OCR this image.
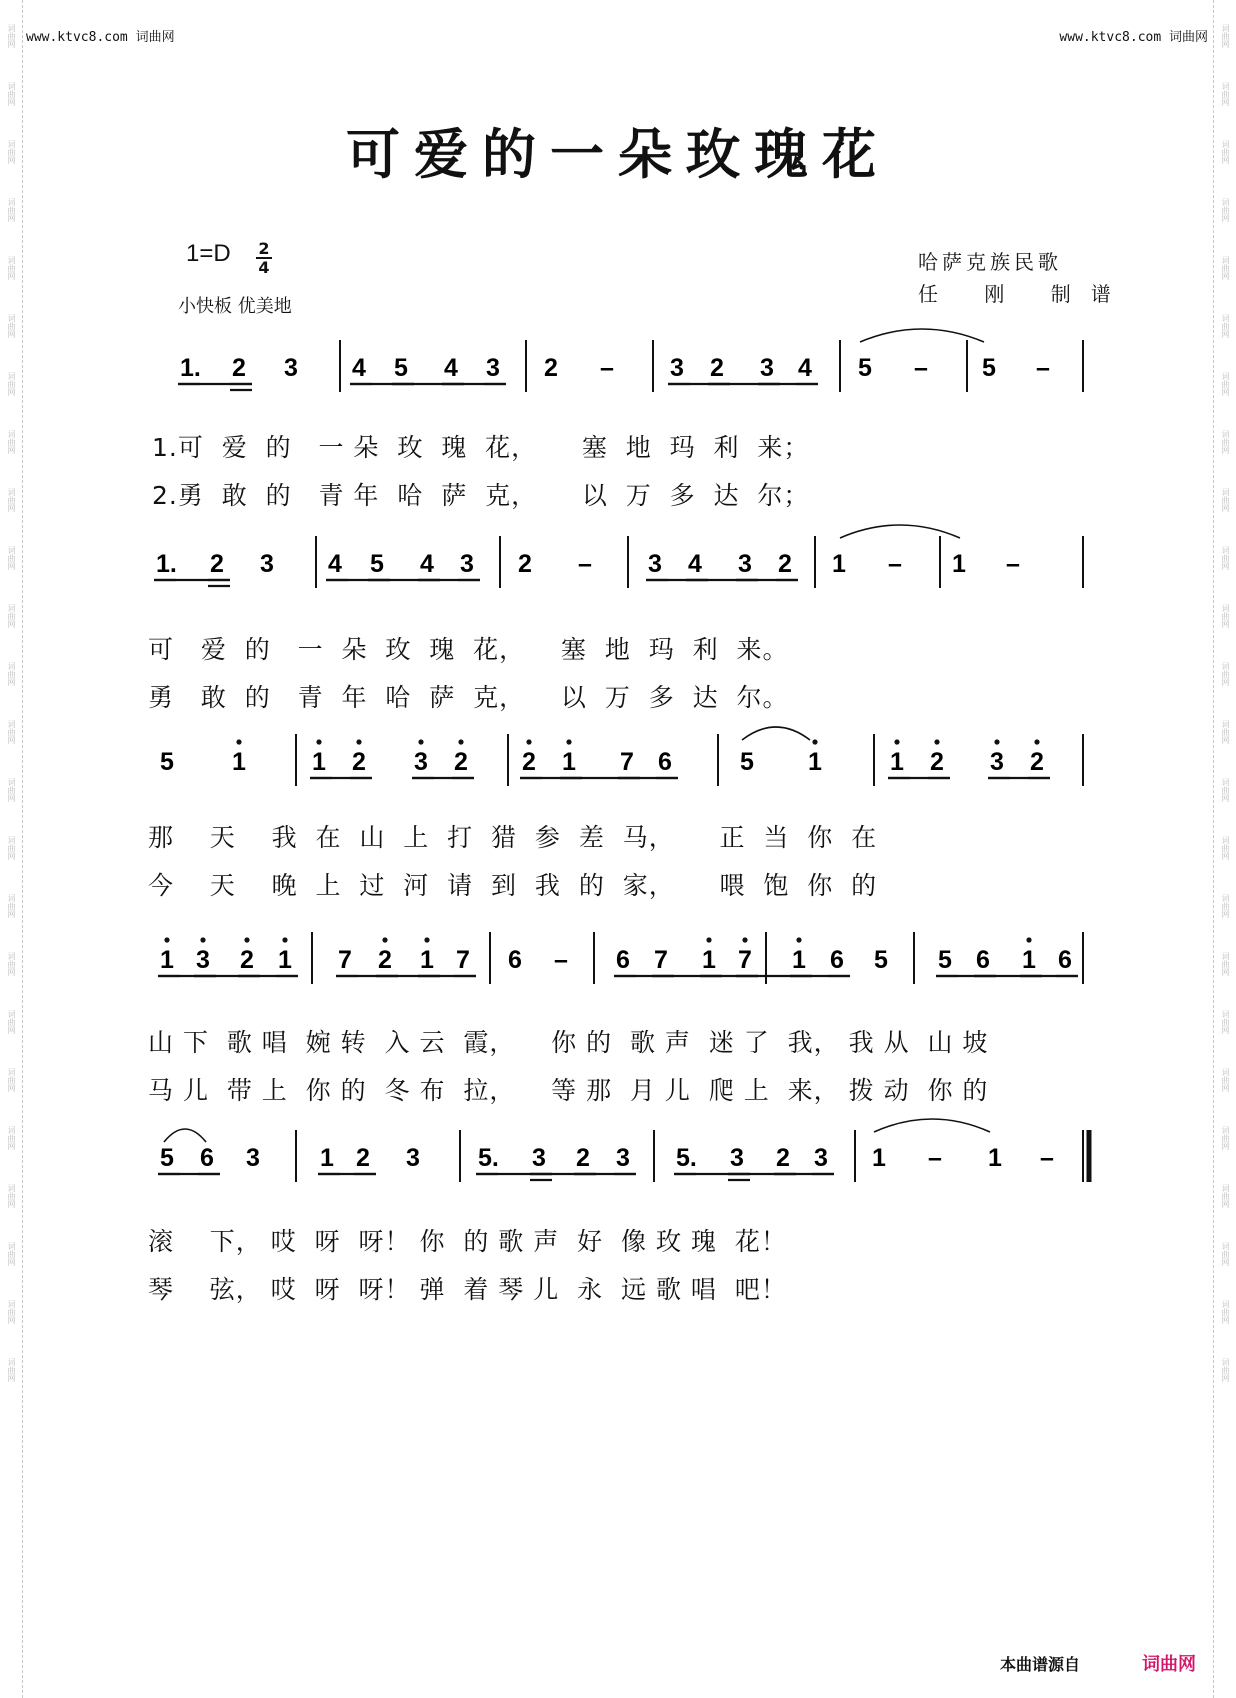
词曲网
词曲网
词曲网
词曲网
词曲网
词曲网
词曲网
词曲网
词曲网
词曲网
词曲网
词曲网
词曲网
词曲网
词曲网
词曲网
词曲网
词曲网
词曲网
词曲网
词曲网
词曲网
词曲网
词曲网
词曲网
词曲网
词曲网
词曲网
词曲网
词曲网
词曲网
词曲网
词曲网
词曲网
词曲网
词曲网
词曲网
词曲网
词曲网
词曲网
词曲网
词曲网
词曲网
词曲网
词曲网
词曲网
词曲网
词曲网
www.ktvc8.com 词曲网	www.ktvc8.com 词曲网
可爱的一朵玫瑰花
$1=D \frac{2}{4}$
小快板 优美地
哈萨克族民歌
任 刚 制谱
1. 2 3 4 5 4 3 2 – 3 2 3 4 5 – 5 –
1. 2 3 4 5 4 3 2 – 3 4 3 2 1 – 1 –
5 1	1 2 3 2 2 1 7 6	5 1	1 2 3 2
1 3 2 1 7 2 1 7 6 – 6 7 1 7 1 6 5 5 6 1 6
5 6 3 1 2 3 5. 3 2 3 5. 3 2 3 1 – 1 –
1.可  爱  的   一 朵  玫  瑰  花，     塞  地  玛  利  来；
2.勇  敢  的   青 年  哈  萨  克，     以  万  多  达  尔；
可   爱  的   一  朵  玫  瑰  花，    塞  地  玛  利  来。
勇   敢  的   青  年  哈  萨  克，    以  万  多  达  尔。
那    天    我  在  山  上  打  猎  参  差  马，     正  当  你  在
今    天    晚  上  过  河  请  到  我  的  家，     喂  饱  你  的
山 下  歌 唱  婉 转  入 云  霞，    你 的  歌 声  迷 了  我， 我 从  山 坡
马 儿  带 上  你 的  冬 布  拉，    等 那  月 儿  爬 上  来， 拨 动  你 的
滚    下， 哎  呀  呀！ 你  的 歌 声  好  像 玫 瑰  花！
琴    弦， 哎  呀  呀！ 弹  着 琴 儿  永  远 歌 唱  吧！
本曲谱源自	词曲网
